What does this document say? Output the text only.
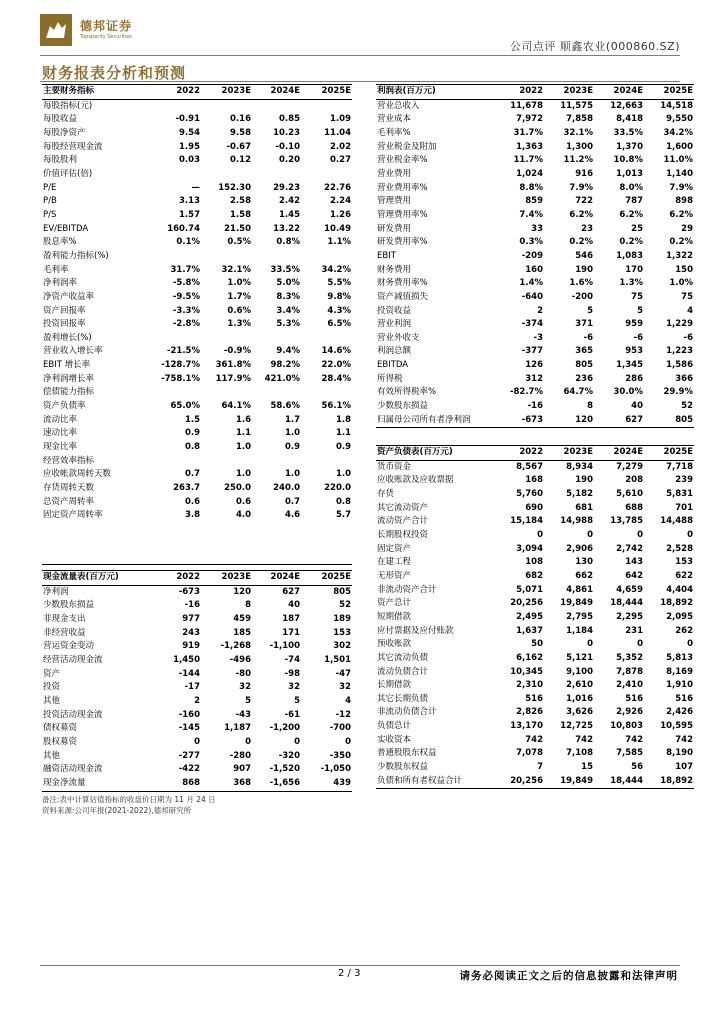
德邦证券
Topsperity Securities
公司点评 顺鑫农业(000860.SZ)
财务报表分析和预测
主要财务指标	2022	2023E	2024E	2025E
每股指标(元)				
每股收益	-0.91	0.16	0.85	1.09
每股净资产	9.54	9.58	10.23	11.04
每股经营现金流	1.95	-0.67	-0.10	2.02
每股股利	0.03	0.12	0.20	0.27
价值评估(倍)				
P/E	—	152.30	29.23	22.76
P/B	3.13	2.58	2.42	2.24
P/S	1.57	1.58	1.45	1.26
EV/EBITDA	160.74	21.50	13.22	10.49
股息率%	0.1%	0.5%	0.8%	1.1%
盈利能力指标(%)				
毛利率	31.7%	32.1%	33.5%	34.2%
净利润率	-5.8%	1.0%	5.0%	5.5%
净资产收益率	-9.5%	1.7%	8.3%	9.8%
资产回报率	-3.3%	0.6%	3.4%	4.3%
投资回报率	-2.8%	1.3%	5.3%	6.5%
盈利增长(%)				
营业收入增长率	-21.5%	-0.9%	9.4%	14.6%
EBIT 增长率	-128.7%	361.8%	98.2%	22.0%
净利润增长率	-758.1%	117.9%	421.0%	28.4%
偿债能力指标				
资产负债率	65.0%	64.1%	58.6%	56.1%
流动比率	1.5	1.6	1.7	1.8
速动比率	0.9	1.1	1.0	1.1
现金比率	0.8	1.0	0.9	0.9
经营效率指标				
应收帐款周转天数	0.7	1.0	1.0	1.0
存货周转天数	263.7	250.0	240.0	220.0
总资产周转率	0.6	0.6	0.7	0.8
固定资产周转率	3.8	4.0	4.6	5.7

利润表(百万元)	2022	2023E	2024E	2025E
营业总收入	11,678	11,575	12,663	14,518
营业成本	7,972	7,858	8,418	9,550
毛利率%	31.7%	32.1%	33.5%	34.2%
营业税金及附加	1,363	1,300	1,370	1,600
营业税金率%	11.7%	11.2%	10.8%	11.0%
营业费用	1,024	916	1,013	1,140
营业费用率%	8.8%	7.9%	8.0%	7.9%
管理费用	859	722	787	898
管理费用率%	7.4%	6.2%	6.2%	6.2%
研发费用	33	23	25	29
研发费用率%	0.3%	0.2%	0.2%	0.2%
EBIT	-209	546	1,083	1,322
财务费用	160	190	170	150
财务费用率%	1.4%	1.6%	1.3%	1.0%
资产减值损失	-640	-200	75	75
投资收益	2	5	5	4
营业利润	-374	371	959	1,229
营业外收支	-3	-6	-6	-6
利润总额	-377	365	953	1,223
EBITDA	126	805	1,345	1,586
所得税	312	236	286	366
有效所得税率%	-82.7%	64.7%	30.0%	29.9%
少数股东损益	-16	8	40	52
归属母公司所有者净利润	-673	120	627	805
资产负债表(百万元)	2022	2023E	2024E	2025E
货币资金	8,567	8,934	7,279	7,718
应收账款及应收票据	168	190	208	239
存货	5,760	5,182	5,610	5,831
其它流动资产	690	681	688	701
流动资产合计	15,184	14,988	13,785	14,488
长期股权投资	0	0	0	0
固定资产	3,094	2,906	2,742	2,528
在建工程	108	130	143	153
无形资产	682	662	642	622
非流动资产合计	5,071	4,861	4,659	4,404
资产总计	20,256	19,849	18,444	18,892
短期借款	2,495	2,795	2,295	2,095
应付票据及应付账款	1,637	1,184	231	262
预收账款	50	0	0	0
其它流动负债	6,162	5,121	5,352	5,813
流动负债合计	10,345	9,100	7,878	8,169
长期借款	2,310	2,610	2,410	1,910
其它长期负债	516	1,016	516	516
非流动负债合计	2,826	3,626	2,926	2,426
负债总计	13,170	12,725	10,803	10,595
实收资本	742	742	742	742
普通股股东权益	7,078	7,108	7,585	8,190
少数股东权益	7	15	56	107
负债和所有者权益合计	20,256	19,849	18,444	18,892
现金流量表(百万元)	2022	2023E	2024E	2025E
净利润	-673	120	627	805
少数股东损益	-16	8	40	52
非现金支出	977	459	187	189
非经营收益	243	185	171	153
营运资金变动	919	-1,268	-1,100	302
经营活动现金流	1,450	-496	-74	1,501
资产	-144	-80	-98	-47
投资	-17	32	32	32
其他	2	5	5	4
投资活动现金流	-160	-43	-61	-12
债权募资	-145	1,187	-1,200	-700
股权募资	0	0	0	0
其他	-277	-280	-320	-350
融资活动现金流	-422	907	-1,520	-1,050
现金净流量	868	368	-1,656	439
备注:表中计算估值指标的收盘价日期为 11 月 24 日
资料来源:公司年报(2021-2022),德邦研究所
2 / 3	请务必阅读正文之后的信息披露和法律声明
